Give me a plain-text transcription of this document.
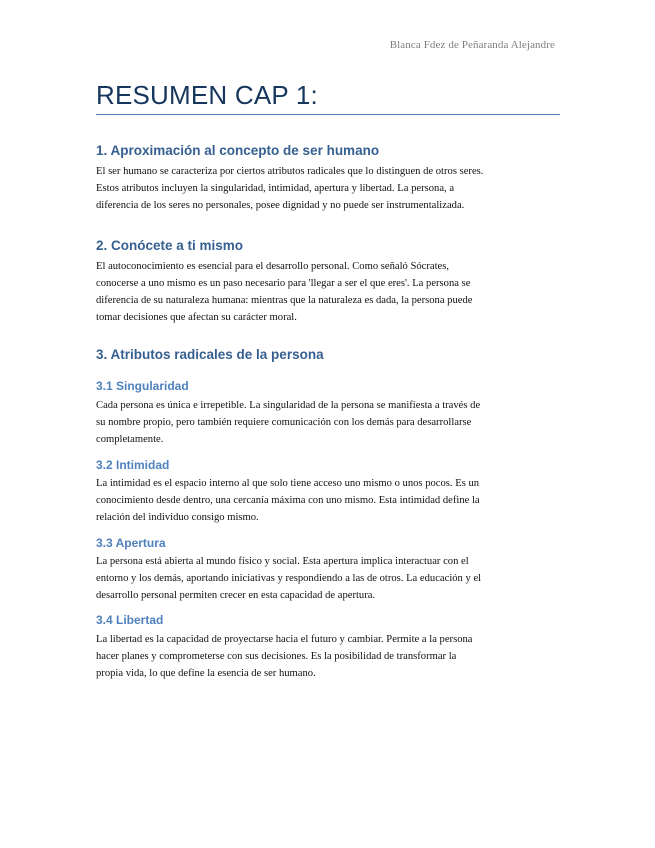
Blanca Fdez de Peñaranda Alejandre
RESUMEN CAP 1:
1. Aproximación al concepto de ser humano

El ser humano se caracteriza por ciertos atributos radicales que lo distinguen de otros seres.
Estos atributos incluyen la singularidad, intimidad, apertura y libertad. La persona, a
diferencia de los seres no personales, posee dignidad y no puede ser instrumentalizada.

2. Conócete a ti mismo

El autoconocimiento es esencial para el desarrollo personal. Como señaló Sócrates,
conocerse a uno mismo es un paso necesario para 'llegar a ser el que eres'. La persona se
diferencia de su naturaleza humana: mientras que la naturaleza es dada, la persona puede
tomar decisiones que afectan su carácter moral.

3. Atributos radicales de la persona
3.1 Singularidad

Cada persona es única e irrepetible. La singularidad de la persona se manifiesta a través de
su nombre propio, pero también requiere comunicación con los demás para desarrollarse
completamente.

3.2 Intimidad

La intimidad es el espacio interno al que solo tiene acceso uno mismo o unos pocos. Es un
conocimiento desde dentro, una cercanía máxima con uno mismo. Esta intimidad define la
relación del individuo consigo mismo.

3.3 Apertura

La persona está abierta al mundo físico y social. Esta apertura implica interactuar con el
entorno y los demás, aportando iniciativas y respondiendo a las de otros. La educación y el
desarrollo personal permiten crecer en esta capacidad de apertura.

3.4 Libertad

La libertad es la capacidad de proyectarse hacia el futuro y cambiar. Permite a la persona
hacer planes y comprometerse con sus decisiones. Es la posibilidad de transformar la
propia vida, lo que define la esencia de ser humano.
